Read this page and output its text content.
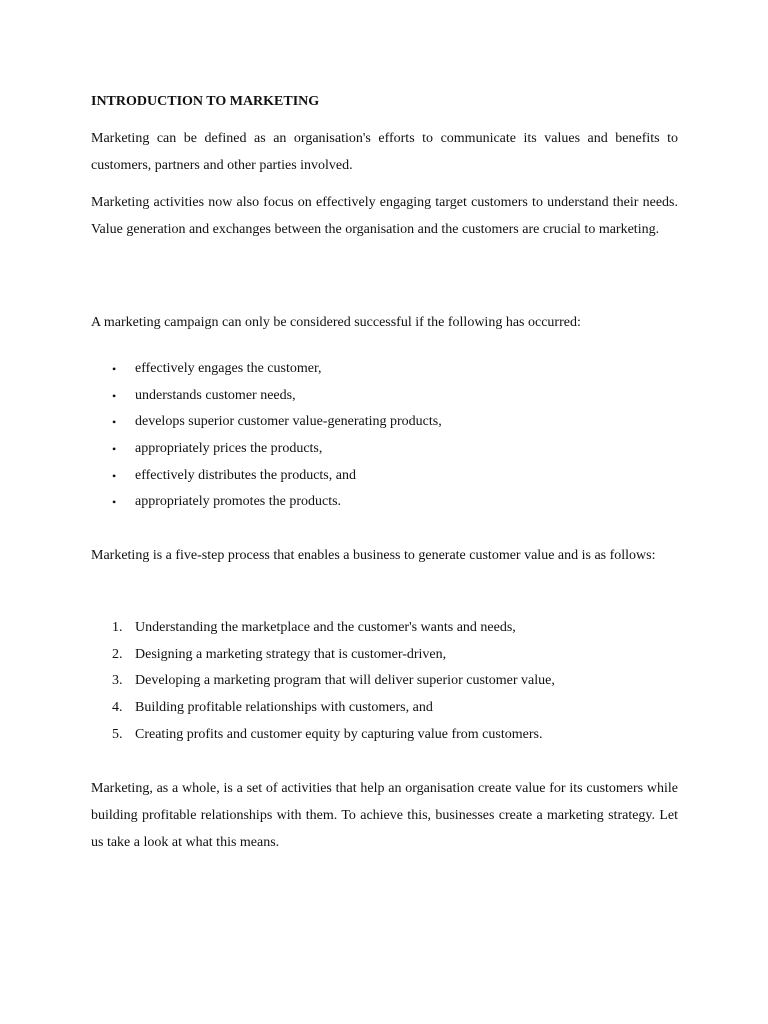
INTRODUCTION TO MARKETING

Marketing can be defined as an organisation's efforts to communicate its values and benefits to customers, partners and other parties involved.

Marketing activities now also focus on effectively engaging target customers to understand their needs. Value generation and exchanges between the organisation and the customers are crucial to marketing.

A marketing campaign can only be considered successful if the following has occurred:

• effectively engages the customer,
• understands customer needs,
• develops superior customer value-generating products,
• appropriately prices the products,
• effectively distributes the products, and
• appropriately promotes the products.

Marketing is a five-step process that enables a business to generate customer value and is as follows:

1. Understanding the marketplace and the customer's wants and needs,
2. Designing a marketing strategy that is customer-driven,
3. Developing a marketing program that will deliver superior customer value,
4. Building profitable relationships with customers, and
5. Creating profits and customer equity by capturing value from customers.

Marketing, as a whole, is a set of activities that help an organisation create value for its customers while building profitable relationships with them. To achieve this, businesses create a marketing strategy. Let us take a look at what this means.
